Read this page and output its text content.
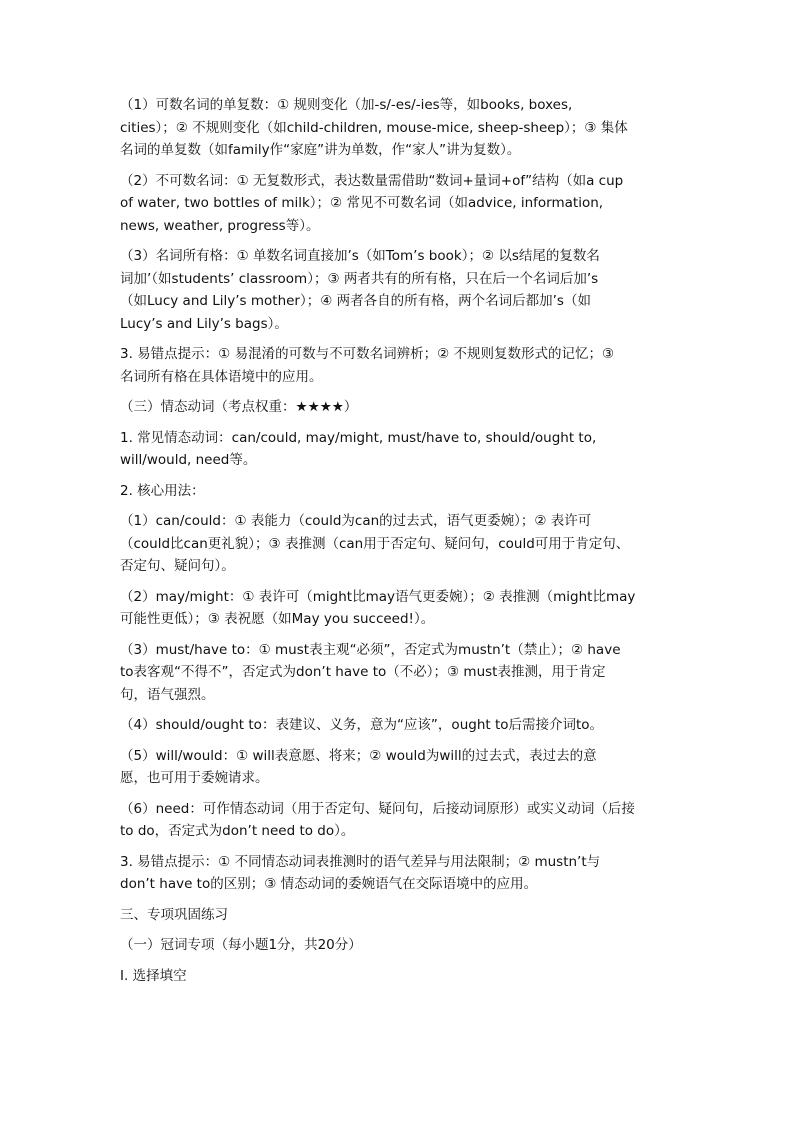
（1）可数名词的单复数：① 规则变化（加-s/-es/-ies等，如books, boxes,
cities）；② 不规则变化（如child-children, mouse-mice, sheep-sheep）；③ 集体
名词的单复数（如family作“家庭”讲为单数，作“家人”讲为复数）。

（2）不可数名词：① 无复数形式，表达数量需借助“数词+量词+of”结构（如a cup
of water, two bottles of milk）；② 常见不可数名词（如advice, information,
news, weather, progress等）。

（3）名词所有格：① 单数名词直接加’s（如Tom’s book）；② 以s结尾的复数名
词加’（如students’ classroom）；③ 两者共有的所有格，只在后一个名词后加’s
（如Lucy and Lily’s mother）；④ 两者各自的所有格，两个名词后都加’s（如
Lucy’s and Lily’s bags）。

3. 易错点提示：① 易混淆的可数与不可数名词辨析；② 不规则复数形式的记忆；③
名词所有格在具体语境中的应用。

（三）情态动词（考点权重：★★★★）

1. 常见情态动词：can/could, may/might, must/have to, should/ought to,
will/would, need等。

2. 核心用法：

（1）can/could：① 表能力（could为can的过去式，语气更委婉）；② 表许可
（could比can更礼貌）；③ 表推测（can用于否定句、疑问句，could可用于肯定句、
否定句、疑问句）。

（2）may/might：① 表许可（might比may语气更委婉）；② 表推测（might比may
可能性更低）；③ 表祝愿（如May you succeed!）。

（3）must/have to：① must表主观“必须”，否定式为mustn’t（禁止）；② have
to表客观“不得不”，否定式为don’t have to（不必）；③ must表推测，用于肯定
句，语气强烈。

（4）should/ought to：表建议、义务，意为“应该”，ought to后需接介词to。

（5）will/would：① will表意愿、将来；② would为will的过去式，表过去的意
愿，也可用于委婉请求。

（6）need：可作情态动词（用于否定句、疑问句，后接动词原形）或实义动词（后接
to do，否定式为don’t need to do）。

3. 易错点提示：① 不同情态动词表推测时的语气差异与用法限制；② mustn’t与
don’t have to的区别；③ 情态动词的委婉语气在交际语境中的应用。

三、专项巩固练习

（一）冠词专项（每小题1分，共20分）

Ⅰ. 选择填空
